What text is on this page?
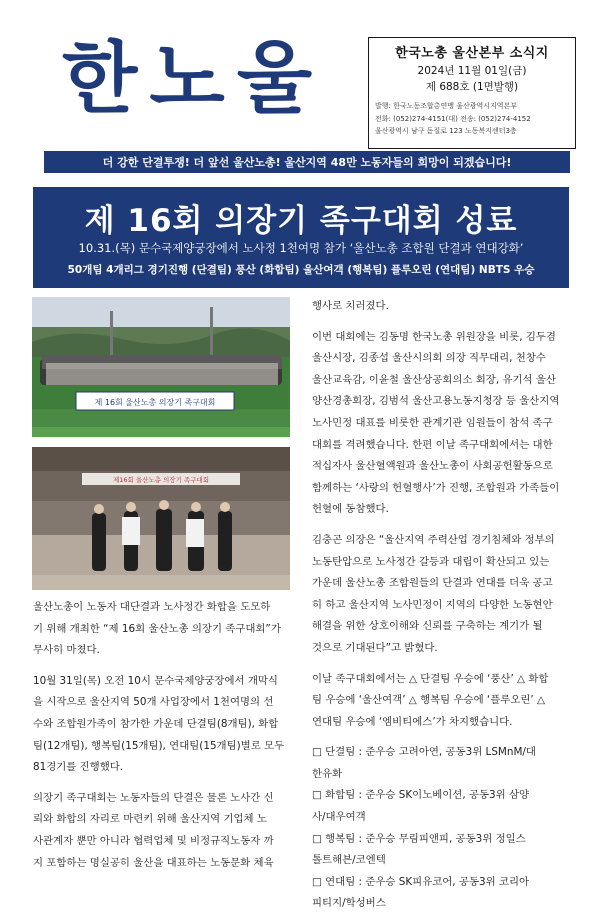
한노울	한국노총 울산본부 소식지
2024년 11월 01일(금)
제 688호 (1면발행)
발행: 한국노동조합총연맹 울산광역시지역본부
전화: (052)274-4151(대) 전송: (052)274-4152
울산광역시 남구 돋질로 123 노동복지센터3층
더 강한 단결투쟁! 더 앞선 울산노총! 울산지역 48만 노동자들의 희망이 되겠습니다!
제 16회 의장기 족구대회 성료
10.31.(목) 문수국제양궁장에서 노사정 1천여명 참가 ‘울산노총 조합원 단결과 연대강화’
50개팀 4개리그 경기진행 (단결팀) 풍산 (화합팀) 울산여객 (행복팀) 플루오린 (연대팀) NBTS 우승
제 16회 울산노총 의장기 족구대회
제16회 울산노총 의장기 족구대회
울산노총이 노동자 대단결과 노사정간 화합을 도모하
기 위해 개최한 “제 16회 울산노총 의장기 족구대회”가
무사히 마쳤다.
10월 31일(목) 오전 10시 문수국제양궁장에서 개막식
을 시작으로 울산지역 50개 사업장에서 1천여명의 선
수와 조합원가족이 참가한 가운데 단결팀(8개팀), 화합
팀(12개팀), 행복팀(15개팀), 연대팀(15개팀)별로 모두
81경기를 진행했다.
의장기 족구대회는 노동자들의 단결은 물론 노사간 신
뢰와 화합의 자리로 마련키 위해 울산지역 기업체 노
사관계자 뿐만 아니라 협력업체 및 비정규직노동자 까
지 포함하는 명실공히 울산을 대표하는 노동문화 체육
행사로 치러졌다.
이번 대회에는 김동명 한국노총 위원장을 비롯, 김두겸
울산시장, 김종섭 울산시의회 의장 직무대리, 천창수
울산교육감, 이윤철 울산상공회의소 회장, 유기석 울산
양산경총회장, 김범석 울산고용노동지청장 등 울산지역
노사민정 대표를 비롯한 관계기관 임원들이 참석 족구
대회를 격려했습니다. 한편 이날 족구대회에서는 대한
적십자사 울산혈액원과 울산노총이 사회공헌활동으로
함께하는 ‘사랑의 헌혈행사’가 진행, 조합원과 가족들이
헌혈에 동참했다.
김충곤 의장은 “울산지역 주력산업 경기침체와 정부의
노동탄압으로 노사정간 갈등과 대립이 확산되고 있는
가운데 울산노총 조합원들의 단결과 연대를 더욱 공고
히 하고 울산지역 노사민정이 지역의 다양한 노동현안
해결을 위한 상호이해와 신뢰를 구축하는 계기가 될
것으로 기대된다”고 밝혔다.
이날 족구대회에서는 △ 단결팀 우승에 ‘풍산’ △ 화합
팀 우승에 ‘울산여객’ △ 행복팀 우승에 ‘플루오린’ △
연대팀 우승에 ‘엠비티에스’가 차지했습니다.
□ 단결팀 : 준우승 고려아연, 공동3위 LSMnM/대
한유화
□ 화합팀 : 준우승 SK이노베이션, 공동3위 삼양
사/대우여객
□ 행복팀 : 준우승 무림피앤피, 공동3위 정일스
톨트해븐/코엔텍
□ 연대팀 : 준우승 SK피유코어, 공동3위 코리아
피티지/학성버스
